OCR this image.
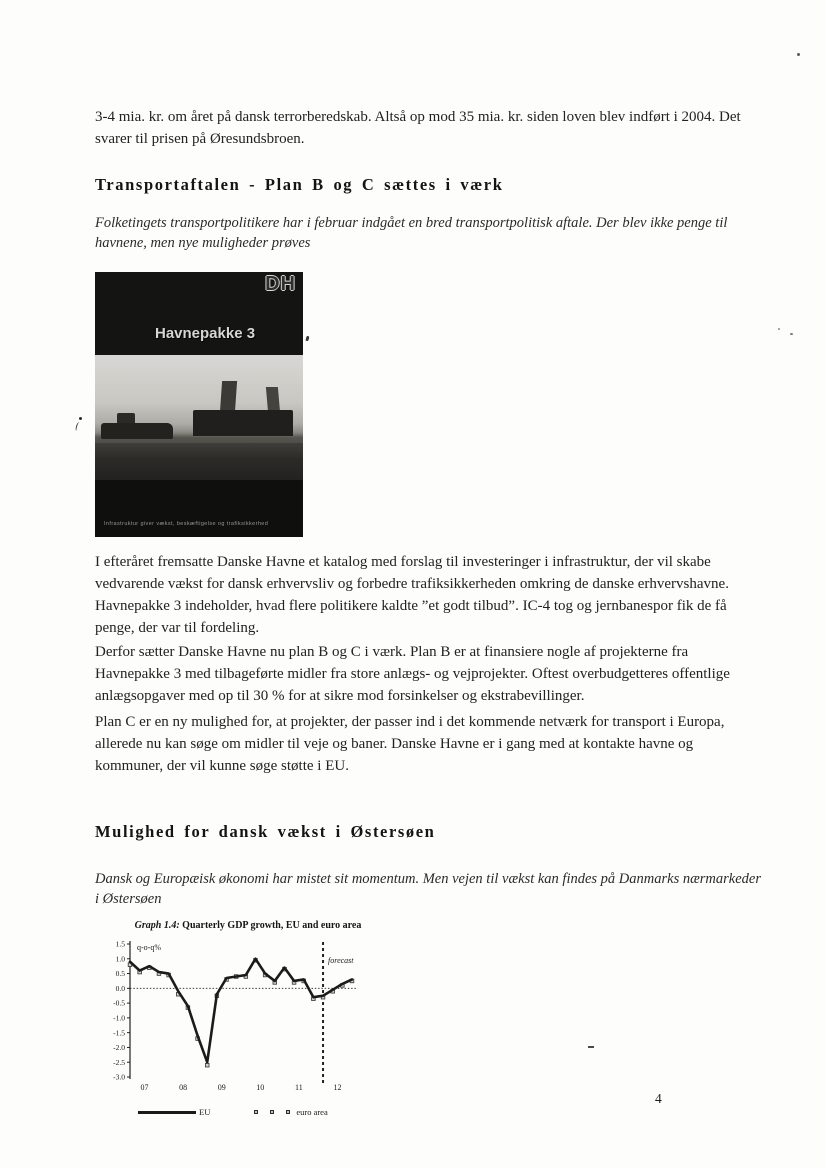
3-4 mia. kr. om året på dansk terrorberedskab. Altså op mod 35 mia. kr. siden loven blev indført i 2004. Det svarer til prisen på Øresundsbroen.

Transportaftalen - Plan B og C sættes i værk

Folketingets transportpolitikere har i februar indgået en bred transportpolitisk aftale. Der blev ikke penge til havnene, men nye muligheder prøves

DH
Havnepakke 3
Infrastruktur giver vækst, beskæftigelse og trafiksikkerhed

I efteråret fremsatte Danske Havne et katalog med forslag til investeringer i infrastruktur, der vil skabe vedvarende vækst for dansk erhvervsliv og forbedre trafiksikkerheden omkring de danske erhvervshavne. Havnepakke 3 indeholder, hvad flere politikere kaldte ”et godt tilbud”. IC-4 tog og jernbanespor fik de få penge, der var til fordeling.

Derfor sætter Danske Havne nu plan B og C i værk. Plan B er at finansiere nogle af projekterne fra Havnepakke 3 med tilbageførte midler fra store anlægs- og vejprojekter. Oftest overbudgetteres offentlige anlægsopgaver med op til 30 % for at sikre mod forsinkelser og ekstrabevillinger.

Plan C er en ny mulighed for, at projekter, der passer ind i det kommende netværk for transport i Europa, allerede nu kan søge om midler til veje og baner. Danske Havne er i gang med at kontakte havne og kommuner, der vil kunne søge støtte i EU.

Mulighed for dansk vækst i Østersøen

Dansk og Europæisk økonomi har mistet sit momentum. Men vejen til vækst kan findes på Danmarks nærmarkeder i Østersøen

Graph 1.4: Quarterly GDP growth, EU and euro area
1.5
1.0
0.5
0.0
-0.5
-1.0
-1.5
-2.0
-2.5
-3.0
07	08	09	10	11	12
forecast
q-o-q%
EU	euro area
4
